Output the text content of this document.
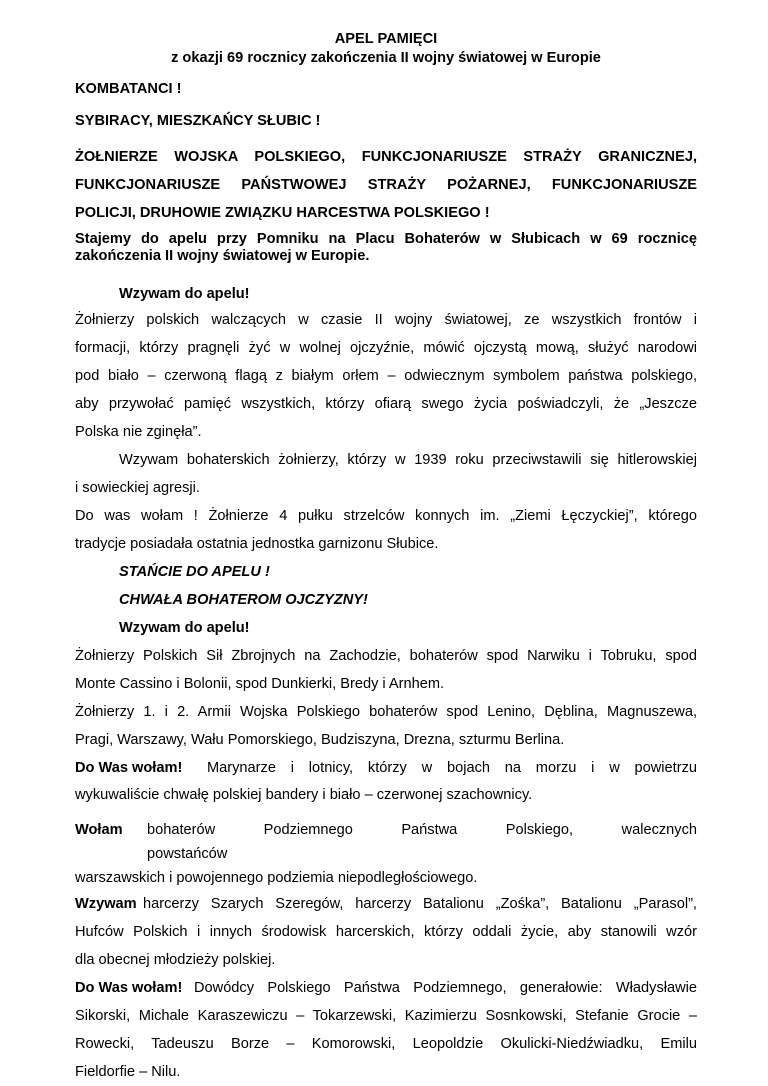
APEL PAMIĘCI

z okazji 69 rocznicy zakończenia II wojny światowej w Europie

KOMBATANCI !

SYBIRACY, MIESZKAŃCY SŁUBIC !

ŻOŁNIERZE WOJSKA POLSKIEGO, FUNKCJONARIUSZE STRAŻY GRANICZNEJ,

FUNKCJONARIUSZE PAŃSTWOWEJ STRAŻY POŻARNEJ, FUNKCJONARIUSZE

POLICJI, DRUHOWIE ZWIĄZKU HARCESTWA POLSKIEGO !

Stajemy do apelu przy Pomniku na Placu Bohaterów w Słubicach w 69 rocznicę

zakończenia II wojny światowej w Europie.

Wzywam do apelu!

Żołnierzy polskich walczących w czasie II wojny światowej, ze wszystkich frontów i

formacji, którzy pragnęli żyć w wolnej ojczyźnie, mówić ojczystą mową, służyć narodowi

pod biało – czerwoną flagą z białym orłem – odwiecznym symbolem państwa polskiego,

aby przywołać pamięć wszystkich, którzy ofiarą swego życia poświadczyli, że „Jeszcze

Polska nie zginęła”.

Wzywam bohaterskich żołnierzy, którzy w 1939 roku przeciwstawili się hitlerowskiej

i sowieckiej agresji.

Do was wołam ! Żołnierze 4 pułku strzelców konnych im. „Ziemi Łęczyckiej”, którego

tradycje posiadała ostatnia jednostka garnizonu Słubice.

STAŃCIE DO APELU !

CHWAŁA BOHATEROM OJCZYZNY!

Wzywam do apelu!

Żołnierzy Polskich Sił Zbrojnych na Zachodzie, bohaterów spod Narwiku i Tobruku, spod

Monte Cassino i Bolonii, spod Dunkierki, Bredy i Arnhem.

Żołnierzy 1. i 2. Armii Wojska Polskiego bohaterów spod Lenino, Dęblina, Magnuszewa,

Pragi, Warszawy, Wału Pomorskiego, Budziszyna, Drezna, szturmu Berlina.

Do Was wołam! Marynarze i lotnicy, którzy w bojach na morzu i w powietrzu

wykuwaliście chwałę polskiej bandery i biało – czerwonej szachownicy.

Wołam bohaterów Podziemnego Państwa Polskiego, walecznych powstańców

warszawskich i powojennego podziemia niepodległościowego.

Wzywam harcerzy Szarych Szeregów, harcerzy Batalionu „Zośka”, Batalionu „Parasol”,

Hufców Polskich i innych środowisk harcerskich, którzy oddali życie, aby stanowili wzór

dla obecnej młodzieży polskiej.

Do Was wołam! Dowódcy Polskiego Państwa Podziemnego, generałowie: Władysławie

Sikorski, Michale Karaszewiczu – Tokarzewski, Kazimierzu Sosnkowski, Stefanie Grocie –

Rowecki, Tadeuszu Borze – Komorowski, Leopoldzie Okulicki-Niedźwiadku, Emilu

Fieldorfie – Nilu.
